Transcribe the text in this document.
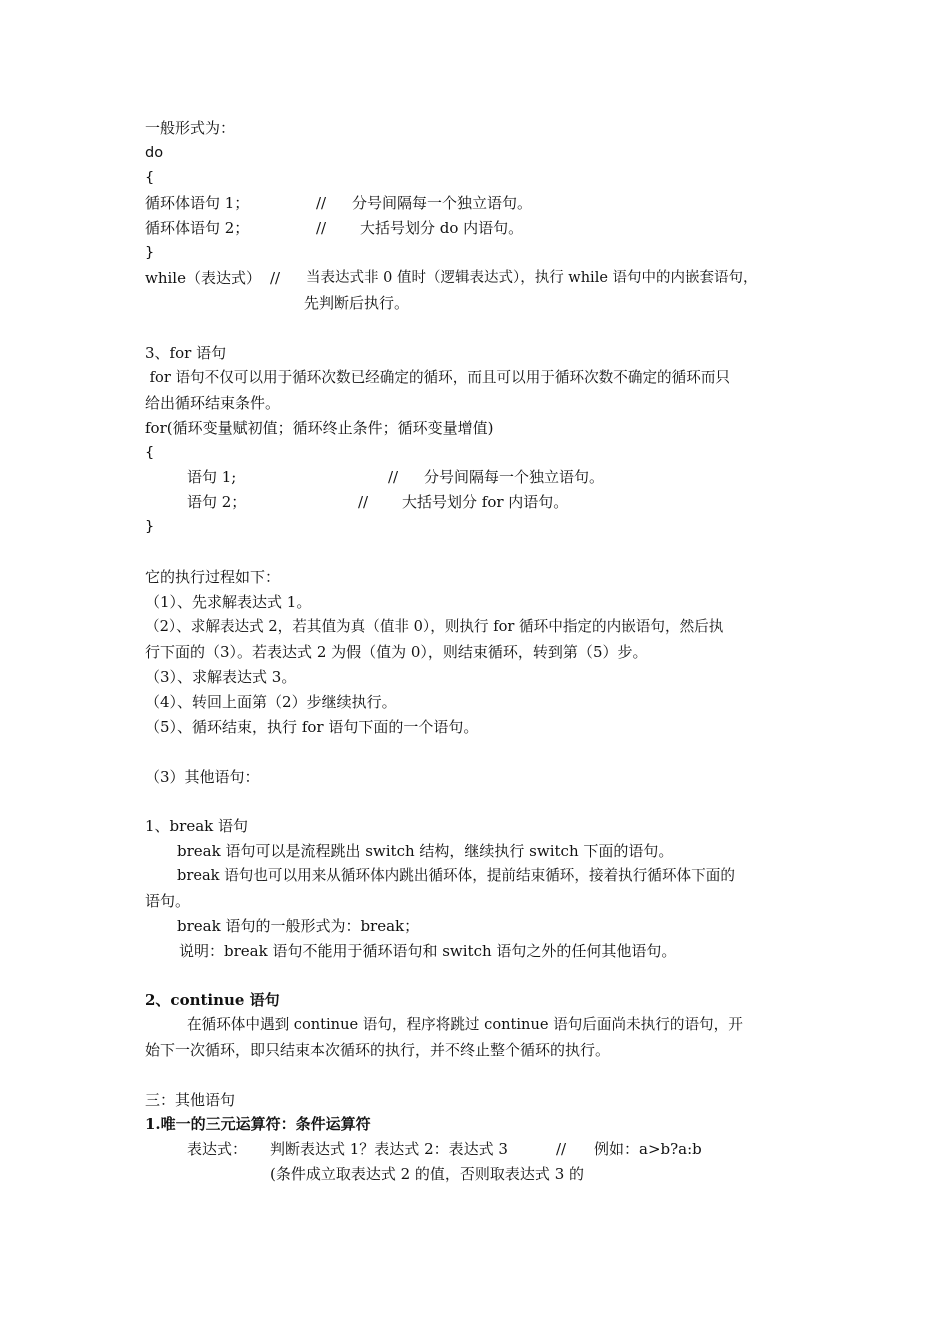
一般形式为：
do
{
循环体语句 1；	// 分号间隔每一个独立语句。
循环体语句 2；	// 大括号划分 do 内语句。
}
while（表达式） // 当表达式非 0 值时（逻辑表达式），执行 while 语句中的内嵌套语句，
先判断后执行。
3、for 语句
for 语句不仅可以用于循环次数已经确定的循环，而且可以用于循环次数不确定的循环而只
给出循环结束条件。
for(循环变量赋初值；循环终止条件；循环变量增值)
{
语句 1;	// 分号间隔每一个独立语句。
语句 2；	// 大括号划分 for 内语句。
}
它的执行过程如下：
（1）、先求解表达式 1。
（2）、求解表达式 2，若其值为真（值非 0），则执行 for 循环中指定的内嵌语句，然后执
行下面的（3）。若表达式 2 为假（值为 0），则结束循环，转到第（5）步。
（3）、求解表达式 3。
（4）、转回上面第（2）步继续执行。
（5）、循环结束，执行 for 语句下面的一个语句。
（3）其他语句：
1、break 语句
break 语句可以是流程跳出 switch 结构，继续执行 switch 下面的语句。
break 语句也可以用来从循环体内跳出循环体，提前结束循环，接着执行循环体下面的
语句。
break 语句的一般形式为：break；
说明：break 语句不能用于循环语句和 switch 语句之外的任何其他语句。
2、continue 语句
在循环体中遇到 continue 语句，程序将跳过 continue 语句后面尚未执行的语句，开
始下一次循环，即只结束本次循环的执行，并不终止整个循环的执行。
三：其他语句
1.唯一的三元运算符：条件运算符
表达式： 判断表达式 1？表达式 2：表达式 3	// 例如：a>b?a:b
(条件成立取表达式 2 的值，否则取表达式 3 的
